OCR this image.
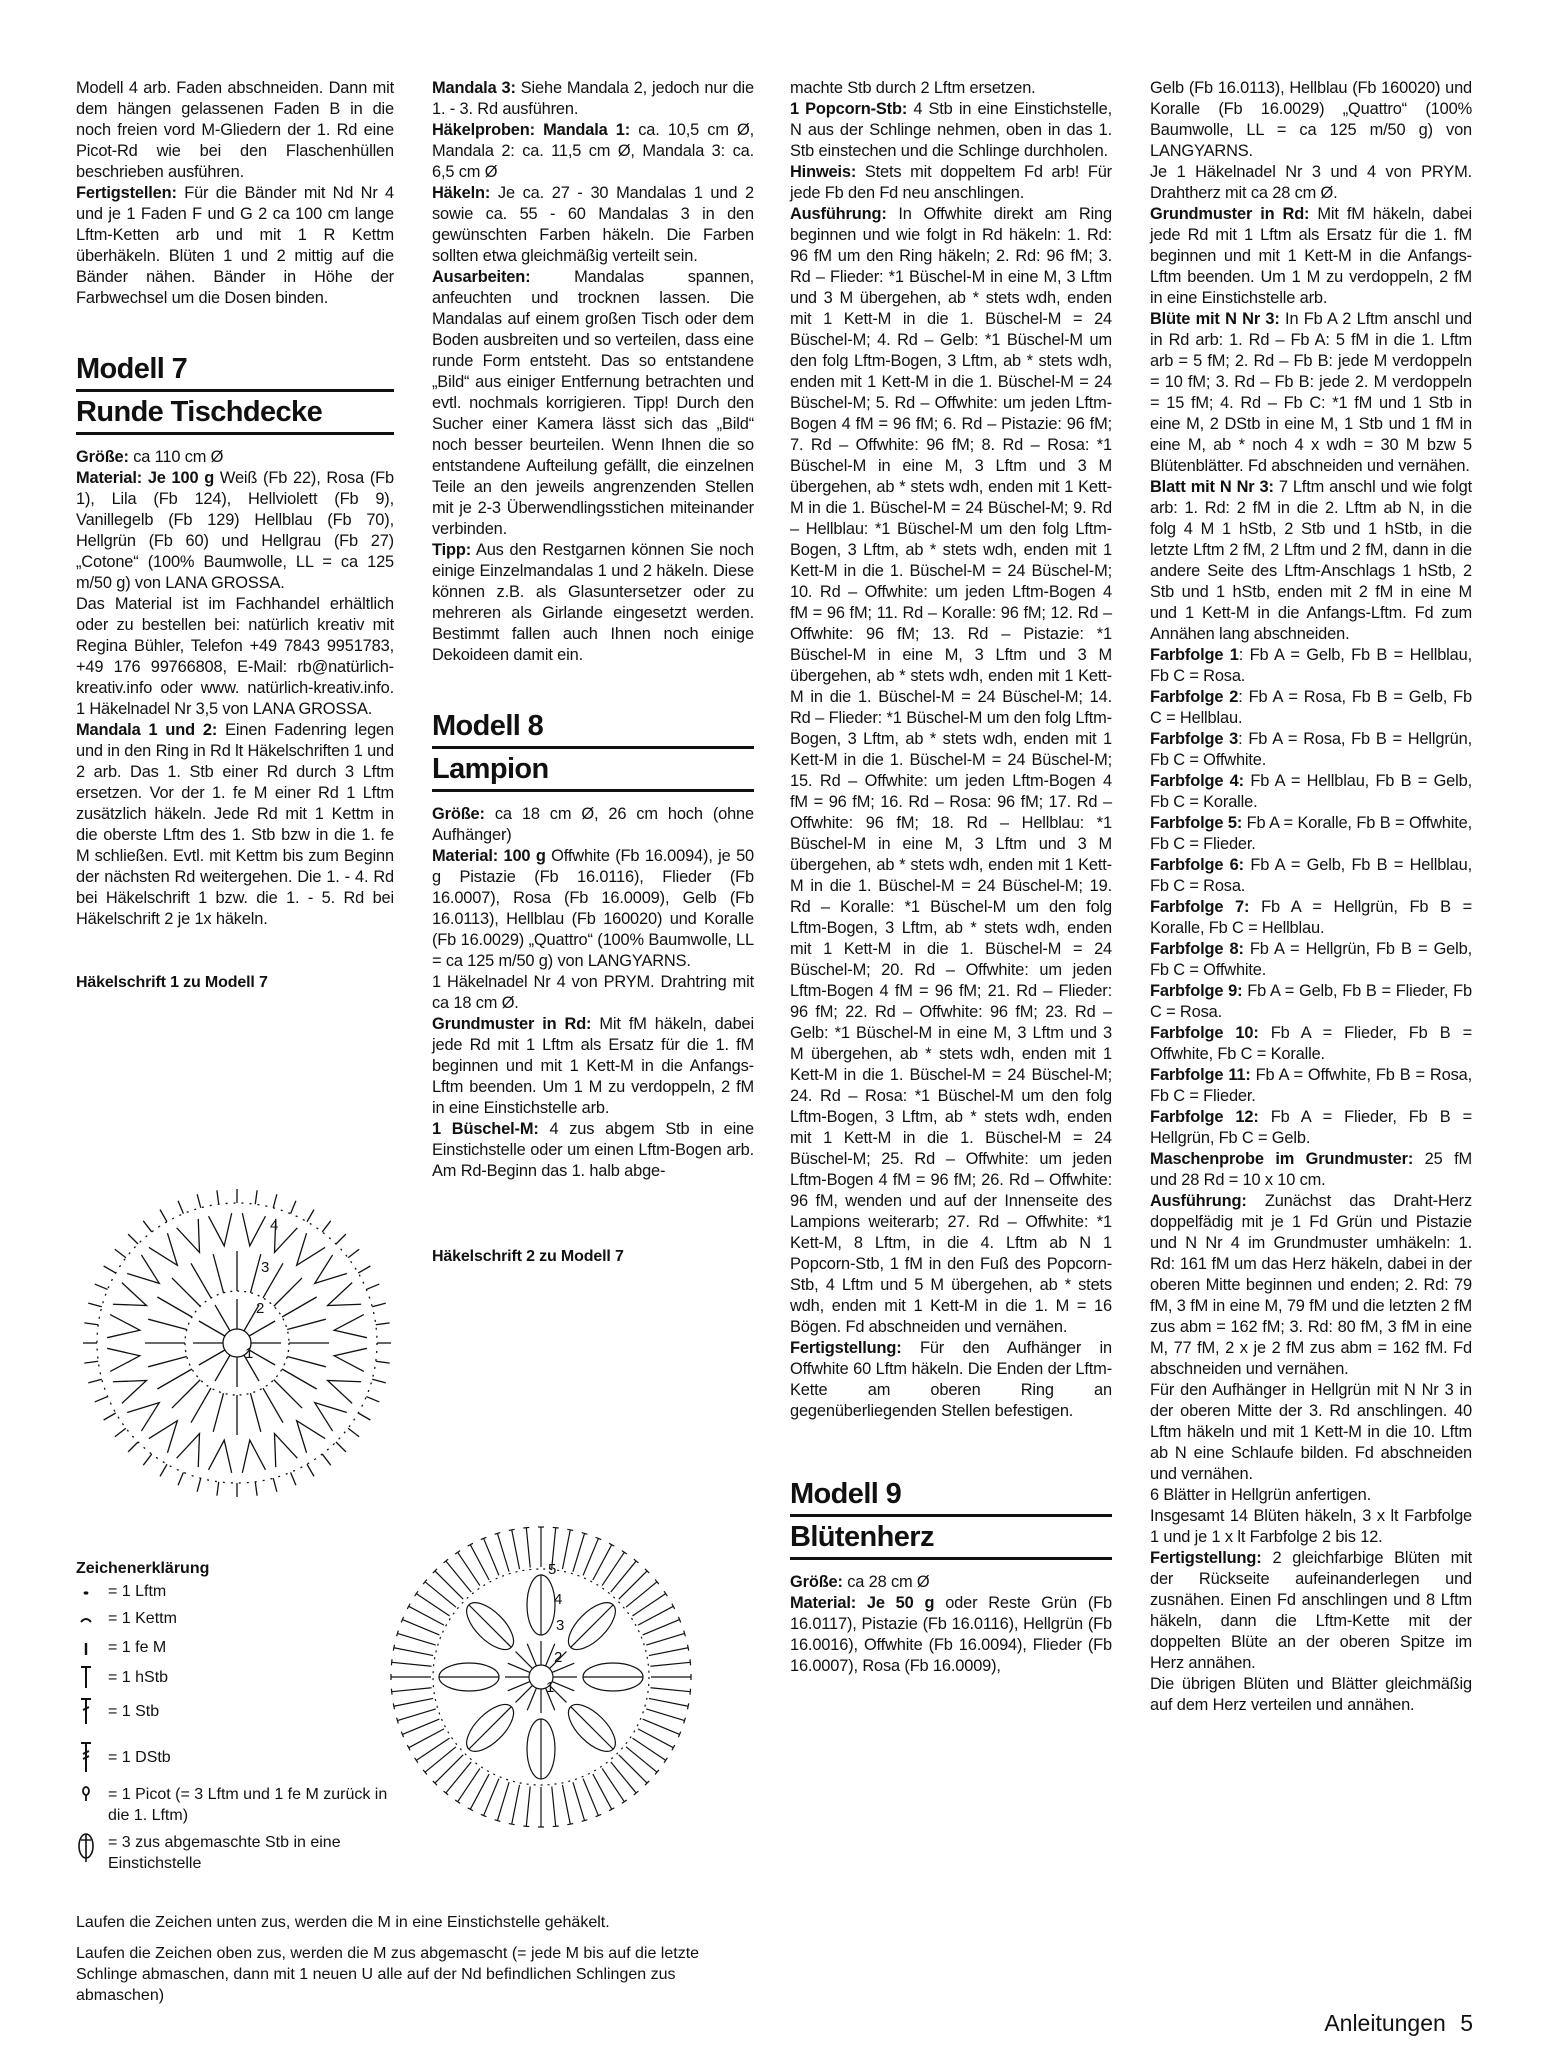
Modell 4 arb. Faden abschneiden. Dann mit dem hängen gelassenen Faden B in die noch freien vord M-Gliedern der 1. Rd eine Picot-Rd wie bei den Flaschenhüllen beschrieben ausführen.

Fertigstellen: Für die Bänder mit Nd Nr 4 und je 1 Faden F und G 2 ca 100 cm lange Lftm-Ketten arb und mit 1 R Kettm überhäkeln. Blüten 1 und 2 mittig auf die Bänder nähen. Bänder in Höhe der Farbwechsel um die Dosen binden.

Modell 7
Runde Tischdecke

Größe: ca 110 cm Ø

Material: Je 100 g Weiß (Fb 22), Rosa (Fb 1), Lila (Fb 124), Hellviolett (Fb 9), Vanillegelb (Fb 129) Hellblau (Fb 70), Hellgrün (Fb 60) und Hellgrau (Fb 27) „Cotone“ (100% Baumwolle, LL = ca 125 m/50 g) von LANA GROSSA.

Das Material ist im Fachhandel erhältlich oder zu bestellen bei: natürlich kreativ mit Regina Bühler, Telefon +49 7843 9951783, +49 176 99766808, E-Mail: rb@natürlich-kreativ.info oder www. natürlich-kreativ.info. 1 Häkelnadel Nr 3,5 von LANA GROSSA.

Mandala 1 und 2: Einen Fadenring legen und in den Ring in Rd lt Häkelschriften 1 und 2 arb. Das 1. Stb einer Rd durch 3 Lftm ersetzen. Vor der 1. fe M einer Rd 1 Lftm zusätzlich häkeln. Jede Rd mit 1 Kettm in die oberste Lftm des 1. Stb bzw in die 1. fe M schließen. Evtl. mit Kettm bis zum Beginn der nächsten Rd weitergehen. Die 1. - 4. Rd bei Häkelschrift 1 bzw. die 1. - 5. Rd bei Häkelschrift 2 je 1x häkeln.

Häkelschrift 1 zu Modell 7

1
2
3
4

Mandala 3: Siehe Mandala 2, jedoch nur die 1. - 3. Rd ausführen.

Häkelproben: Mandala 1: ca. 10,5 cm Ø, Mandala 2: ca. 11,5 cm Ø, Mandala 3: ca. 6,5 cm Ø

Häkeln: Je ca. 27 - 30 Mandalas 1 und 2 sowie ca. 55 - 60 Mandalas 3 in den gewünschten Farben häkeln. Die Farben sollten etwa gleichmäßig verteilt sein.

Ausarbeiten: Mandalas spannen, anfeuchten und trocknen lassen. Die Mandalas auf einem großen Tisch oder dem Boden ausbreiten und so verteilen, dass eine runde Form entsteht. Das so entstandene „Bild“ aus einiger Entfernung betrachten und evtl. nochmals korrigieren. Tipp! Durch den Sucher einer Kamera lässt sich das „Bild“ noch besser beurteilen. Wenn Ihnen die so entstandene Aufteilung gefällt, die einzelnen Teile an den jeweils angrenzenden Stellen mit je 2-3 Überwendlingsstichen miteinander verbinden.

Tipp: Aus den Restgarnen können Sie noch einige Einzelmandalas 1 und 2 häkeln. Diese können z.B. als Glasuntersetzer oder zu mehreren als Girlande eingesetzt werden. Bestimmt fallen auch Ihnen noch einige Dekoideen damit ein.

Modell 8
Lampion

Größe: ca 18 cm Ø, 26 cm hoch (ohne Aufhänger)

Material: 100 g Offwhite (Fb 16.0094), je 50 g Pistazie (Fb 16.0116), Flieder (Fb 16.0007), Rosa (Fb 16.0009), Gelb (Fb 16.0113), Hellblau (Fb 160020) und Koralle (Fb 16.0029) „Quattro“ (100% Baumwolle, LL = ca 125 m/50 g) von LANGYARNS.

1 Häkelnadel Nr 4 von PRYM. Drahtring mit ca 18 cm Ø.

Grundmuster in Rd: Mit fM häkeln, dabei jede Rd mit 1 Lftm als Ersatz für die 1. fM beginnen und mit 1 Kett-M in die Anfangs-Lftm beenden. Um 1 M zu verdoppeln, 2 fM in eine Einstichstelle arb.

1 Büschel-M: 4 zus abgem Stb in eine Einstichstelle oder um einen Lftm-Bogen arb. Am Rd-Beginn das 1. halb abge-

Häkelschrift 2 zu Modell 7

1
2
3
4
5

machte Stb durch 2 Lftm ersetzen.

1 Popcorn-Stb: 4 Stb in eine Einstichstelle, N aus der Schlinge nehmen, oben in das 1. Stb einstechen und die Schlinge durchholen.

Hinweis: Stets mit doppeltem Fd arb! Für jede Fb den Fd neu anschlingen.

Ausführung: In Offwhite direkt am Ring beginnen und wie folgt in Rd häkeln: 1. Rd: 96 fM um den Ring häkeln; 2. Rd: 96 fM; 3. Rd – Flieder: *1 Büschel-M in eine M, 3 Lftm und 3 M übergehen, ab * stets wdh, enden mit 1 Kett-M in die 1. Büschel-M = 24 Büschel-M; 4. Rd – Gelb: *1 Büschel-M um den folg Lftm-Bogen, 3 Lftm, ab * stets wdh, enden mit 1 Kett-M in die 1. Büschel-M = 24 Büschel-M; 5. Rd – Offwhite: um jeden Lftm-Bogen 4 fM = 96 fM; 6. Rd – Pistazie: 96 fM; 7. Rd – Offwhite: 96 fM; 8. Rd – Rosa: *1 Büschel-M in eine M, 3 Lftm und 3 M übergehen, ab * stets wdh, enden mit 1 Kett-M in die 1. Büschel-M = 24 Büschel-M; 9. Rd – Hellblau: *1 Büschel-M um den folg Lftm-Bogen, 3 Lftm, ab * stets wdh, enden mit 1 Kett-M in die 1. Büschel-M = 24 Büschel-M; 10. Rd – Offwhite: um jeden Lftm-Bogen 4 fM = 96 fM; 11. Rd – Koralle: 96 fM; 12. Rd – Offwhite: 96 fM; 13. Rd – Pistazie: *1 Büschel-M in eine M, 3 Lftm und 3 M übergehen, ab * stets wdh, enden mit 1 Kett-M in die 1. Büschel-M = 24 Büschel-M; 14. Rd – Flieder: *1 Büschel-M um den folg Lftm-Bogen, 3 Lftm, ab * stets wdh, enden mit 1 Kett-M in die 1. Büschel-M = 24 Büschel-M; 15. Rd – Offwhite: um jeden Lftm-Bogen 4 fM = 96 fM; 16. Rd – Rosa: 96 fM; 17. Rd – Offwhite: 96 fM; 18. Rd – Hellblau: *1 Büschel-M in eine M, 3 Lftm und 3 M übergehen, ab * stets wdh, enden mit 1 Kett-M in die 1. Büschel-M = 24 Büschel-M; 19. Rd – Koralle: *1 Büschel-M um den folg Lftm-Bogen, 3 Lftm, ab * stets wdh, enden mit 1 Kett-M in die 1. Büschel-M = 24 Büschel-M; 20. Rd – Offwhite: um jeden Lftm-Bogen 4 fM = 96 fM; 21. Rd – Flieder: 96 fM; 22. Rd – Offwhite: 96 fM; 23. Rd – Gelb: *1 Büschel-M in eine M, 3 Lftm und 3 M übergehen, ab * stets wdh, enden mit 1 Kett-M in die 1. Büschel-M = 24 Büschel-M; 24. Rd – Rosa: *1 Büschel-M um den folg Lftm-Bogen, 3 Lftm, ab * stets wdh, enden mit 1 Kett-M in die 1. Büschel-M = 24 Büschel-M; 25. Rd – Offwhite: um jeden Lftm-Bogen 4 fM = 96 fM; 26. Rd – Offwhite: 96 fM, wenden und auf der Innenseite des Lampions weiterarb; 27. Rd – Offwhite: *1 Kett-M, 8 Lftm, in die 4. Lftm ab N 1 Popcorn-Stb, 1 fM in den Fuß des Popcorn-Stb, 4 Lftm und 5 M übergehen, ab * stets wdh, enden mit 1 Kett-M in die 1. M = 16 Bögen. Fd abschneiden und vernähen.

Fertigstellung: Für den Aufhänger in Offwhite 60 Lftm häkeln. Die Enden der Lftm-Kette am oberen Ring an gegenüberliegenden Stellen befestigen.

Modell 9
Blütenherz

Größe: ca 28 cm Ø

Material: Je 50 g oder Reste Grün (Fb 16.0117), Pistazie (Fb 16.0116), Hellgrün (Fb 16.0016), Offwhite (Fb 16.0094), Flieder (Fb 16.0007), Rosa (Fb 16.0009),

Gelb (Fb 16.0113), Hellblau (Fb 160020) und Koralle (Fb 16.0029) „Quattro“ (100% Baumwolle, LL = ca 125 m/50 g) von LANGYARNS.

Je 1 Häkelnadel Nr 3 und 4 von PRYM. Drahtherz mit ca 28 cm Ø.

Grundmuster in Rd: Mit fM häkeln, dabei jede Rd mit 1 Lftm als Ersatz für die 1. fM beginnen und mit 1 Kett-M in die Anfangs-Lftm beenden. Um 1 M zu verdoppeln, 2 fM in eine Einstichstelle arb.

Blüte mit N Nr 3: In Fb A 2 Lftm anschl und in Rd arb: 1. Rd – Fb A: 5 fM in die 1. Lftm arb = 5 fM; 2. Rd – Fb B: jede M verdoppeln = 10 fM; 3. Rd – Fb B: jede 2. M verdoppeln = 15 fM; 4. Rd – Fb C: *1 fM und 1 Stb in eine M, 2 DStb in eine M, 1 Stb und 1 fM in eine M, ab * noch 4 x wdh = 30 M bzw 5 Blütenblätter. Fd abschneiden und vernähen.

Blatt mit N Nr 3: 7 Lftm anschl und wie folgt arb: 1. Rd: 2 fM in die 2. Lftm ab N, in die folg 4 M 1 hStb, 2 Stb und 1 hStb, in die letzte Lftm 2 fM, 2 Lftm und 2 fM, dann in die andere Seite des Lftm-Anschlags 1 hStb, 2 Stb und 1 hStb, enden mit 2 fM in eine M und 1 Kett-M in die Anfangs-Lftm. Fd zum Annähen lang abschneiden.

Farbfolge 1: Fb A = Gelb, Fb B = Hellblau, Fb C = Rosa.

Farbfolge 2: Fb A = Rosa, Fb B = Gelb, Fb C = Hellblau.

Farbfolge 3: Fb A = Rosa, Fb B = Hellgrün, Fb C = Offwhite.

Farbfolge 4: Fb A = Hellblau, Fb B = Gelb, Fb C = Koralle.

Farbfolge 5: Fb A = Koralle, Fb B = Offwhite, Fb C = Flieder.

Farbfolge 6: Fb A = Gelb, Fb B = Hellblau, Fb C = Rosa.

Farbfolge 7: Fb A = Hellgrün, Fb B = Koralle, Fb C = Hellblau.

Farbfolge 8: Fb A = Hellgrün, Fb B = Gelb, Fb C = Offwhite.

Farbfolge 9: Fb A = Gelb, Fb B = Flieder, Fb C = Rosa.

Farbfolge 10: Fb A = Flieder, Fb B = Offwhite, Fb C = Koralle.

Farbfolge 11: Fb A = Offwhite, Fb B = Rosa, Fb C = Flieder.

Farbfolge 12: Fb A = Flieder, Fb B = Hellgrün, Fb C = Gelb.

Maschenprobe im Grundmuster: 25 fM und 28 Rd = 10 x 10 cm.

Ausführung: Zunächst das Draht-Herz doppelfädig mit je 1 Fd Grün und Pistazie und N Nr 4 im Grundmuster umhäkeln: 1. Rd: 161 fM um das Herz häkeln, dabei in der oberen Mitte beginnen und enden; 2. Rd: 79 fM, 3 fM in eine M, 79 fM und die letzten 2 fM zus abm = 162 fM; 3. Rd: 80 fM, 3 fM in eine M, 77 fM, 2 x je 2 fM zus abm = 162 fM. Fd abschneiden und vernähen.

Für den Aufhänger in Hellgrün mit N Nr 3 in der oberen Mitte der 3. Rd anschlingen. 40 Lftm häkeln und mit 1 Kett-M in die 10. Lftm ab N eine Schlaufe bilden. Fd abschneiden und vernähen.

6 Blätter in Hellgrün anfertigen.

Insgesamt 14 Blüten häkeln, 3 x lt Farbfolge 1 und je 1 x lt Farbfolge 2 bis 12.

Fertigstellung: 2 gleichfarbige Blüten mit der Rückseite aufeinanderlegen und zusnähen. Einen Fd anschlingen und 8 Lftm häkeln, dann die Lftm-Kette mit der doppelten Blüte an der oberen Spitze im Herz annähen.

Die übrigen Blüten und Blätter gleichmäßig auf dem Herz verteilen und annähen.

Zeichenerklärung
= 1 Lftm
= 1 Kettm
= 1 fe M
= 1 hStb
= 1 Stb
= 1 DStb
= 1 Picot (= 3 Lftm und 1 fe M zurück in die 1. Lftm)
= 3 zus abgemaschte Stb in eine Einstichstelle

Laufen die Zeichen unten zus, werden die M in eine Einstichstelle gehäkelt.

Laufen die Zeichen oben zus, werden die M zus abgemascht (= jede M bis auf die letzte Schlinge abmaschen, dann mit 1 neuen U alle auf der Nd befindlichen Schlingen zus abmaschen)

Anleitungen 5
